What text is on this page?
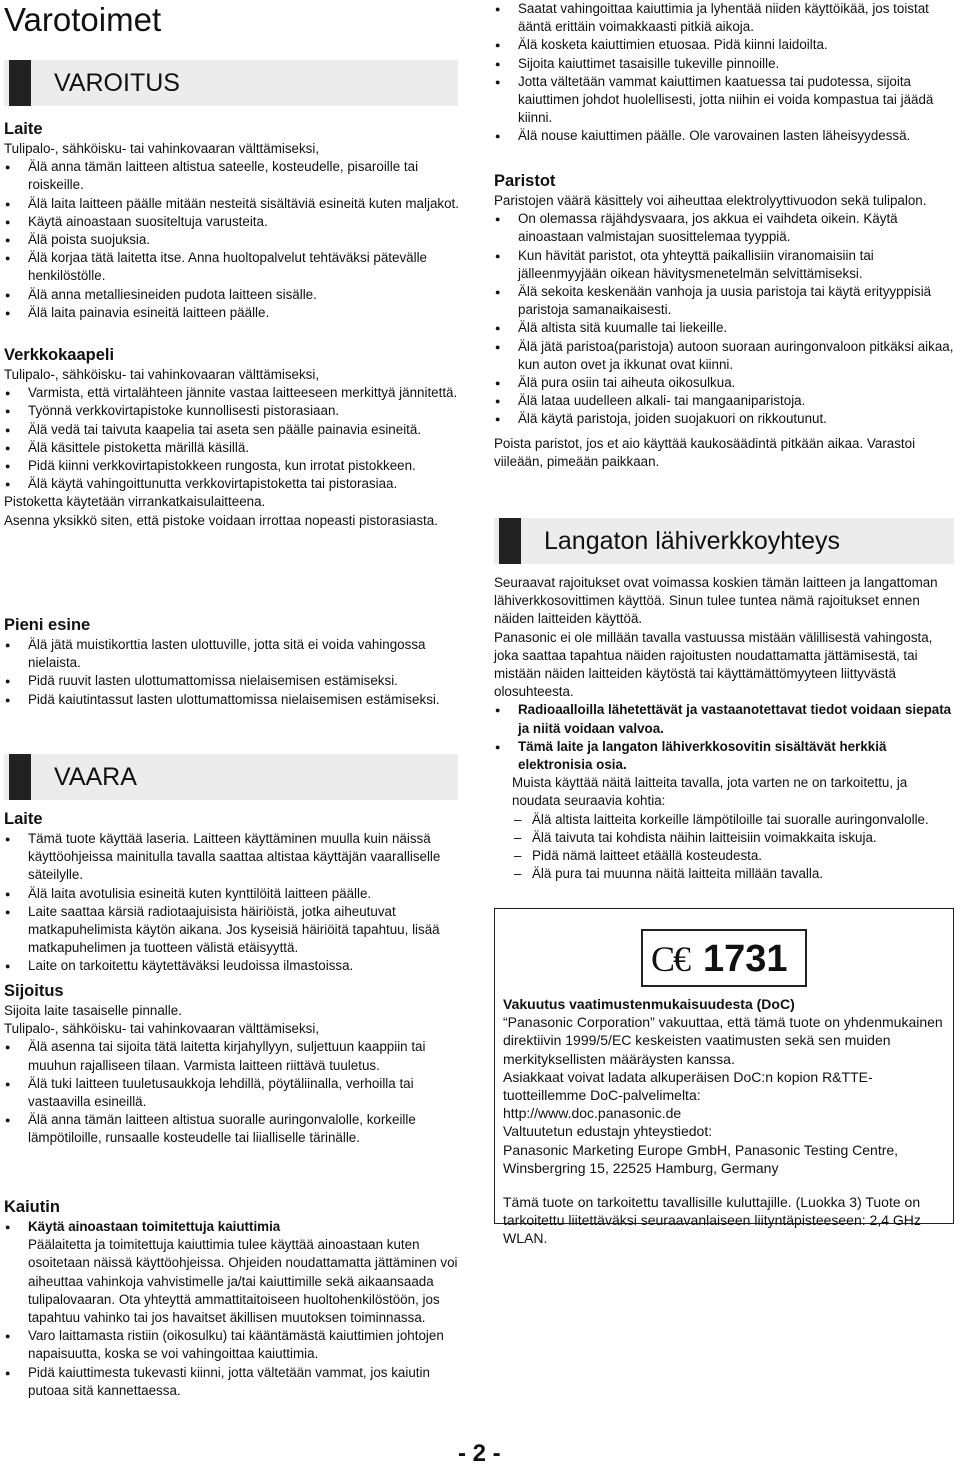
Varotoimet
VAROITUS

Laite

Tulipalo-, sähköisku- tai vahinkovaaran välttämiseksi,

● Älä anna tämän laitteen altistua sateelle, kosteudelle, pisaroille tai roiskeille.
● Älä laita laitteen päälle mitään nesteitä sisältäviä esineitä kuten maljakot.
● Käytä ainoastaan suositeltuja varusteita.
● Älä poista suojuksia.
● Älä korjaa tätä laitetta itse. Anna huoltopalvelut tehtäväksi pätevälle henkilöstölle.
● Älä anna metalliesineiden pudota laitteen sisälle.
● Älä laita painavia esineitä laitteen päälle.

Verkkokaapeli

Tulipalo-, sähköisku- tai vahinkovaaran välttämiseksi,

● Varmista, että virtalähteen jännite vastaa laitteeseen merkittyä jännitettä.
● Työnnä verkkovirtapistoke kunnollisesti pistorasiaan.
● Älä vedä tai taivuta kaapelia tai aseta sen päälle painavia esineitä.
● Älä käsittele pistoketta märillä käsillä.
● Pidä kiinni verkkovirtapistokkeen rungosta, kun irrotat pistokkeen.
● Älä käytä vahingoittunutta verkkovirtapistoketta tai pistorasiaa.

Pistoketta käytetään virrankatkaisulaitteena.

Asenna yksikkö siten, että pistoke voidaan irrottaa nopeasti pistorasiasta.

Pieni esine

● Älä jätä muistikorttia lasten ulottuville, jotta sitä ei voida vahingossa nielaista.
● Pidä ruuvit lasten ulottumattomissa nielaisemisen estämiseksi.
● Pidä kaiutintassut lasten ulottumattomissa nielaisemisen estämiseksi.
VAARA

Laite

● Tämä tuote käyttää laseria. Laitteen käyttäminen muulla kuin näissä käyttöohjeissa mainitulla tavalla saattaa altistaa käyttäjän vaaralliselle säteilylle.
● Älä laita avotulisia esineitä kuten kynttilöitä laitteen päälle.
● Laite saattaa kärsiä radiotaajuisista häiriöistä, jotka aiheutuvat matkapuhelimista käytön aikana. Jos kyseisiä häiriöitä tapahtuu, lisää matkapuhelimen ja tuotteen välistä etäisyyttä.
● Laite on tarkoitettu käytettäväksi leudoissa ilmastoissa.

Sijoitus

Sijoita laite tasaiselle pinnalle.

Tulipalo-, sähköisku- tai vahinkovaaran välttämiseksi,

● Älä asenna tai sijoita tätä laitetta kirjahyllyyn, suljettuun kaappiin tai muuhun rajalliseen tilaan. Varmista laitteen riittävä tuuletus.
● Älä tuki laitteen tuuletusaukkoja lehdillä, pöytäliinalla, verhoilla tai vastaavilla esineillä.
● Älä anna tämän laitteen altistua suoralle auringonvalolle, korkeille lämpötiloille, runsaalle kosteudelle tai liialliselle tärinälle.

Kaiutin

● Käytä ainoastaan toimitettuja kaiuttimia
Päälaitetta ja toimitettuja kaiuttimia tulee käyttää ainoastaan kuten osoitetaan näissä käyttöohjeissa. Ohjeiden noudattamatta jättäminen voi aiheuttaa vahinkoja vahvistimelle ja/tai kaiuttimille sekä aikaansaada tulipalovaaran. Ota yhteyttä ammattitaitoiseen huoltohenkilöstöön, jos tapahtuu vahinko tai jos havaitset äkillisen muutoksen toiminnassa.
● Varo laittamasta ristiin (oikosulku) tai kääntämästä kaiuttimien johtojen napaisuutta, koska se voi vahingoittaa kaiuttimia.
● Pidä kaiuttimesta tukevasti kiinni, jotta vältetään vammat, jos kaiutin putoaa sitä kannettaessa.
● Saatat vahingoittaa kaiuttimia ja lyhentää niiden käyttöikää, jos toistat ääntä erittäin voimakkaasti pitkiä aikoja.
● Älä kosketa kaiuttimien etuosaa. Pidä kiinni laidoilta.
● Sijoita kaiuttimet tasaisille tukeville pinnoille.
● Jotta vältetään vammat kaiuttimen kaatuessa tai pudotessa, sijoita kaiuttimen johdot huolellisesti, jotta niihin ei voida kompastua tai jäädä kiinni.
● Älä nouse kaiuttimen päälle. Ole varovainen lasten läheisyydessä.

Paristot

Paristojen väärä käsittely voi aiheuttaa elektrolyyttivuodon sekä tulipalon.

● On olemassa räjähdysvaara, jos akkua ei vaihdeta oikein. Käytä ainoastaan valmistajan suosittelemaa tyyppiä.
● Kun hävität paristot, ota yhteyttä paikallisiin viranomaisiin tai jälleenmyyjään oikean hävitysmenetelmän selvittämiseksi.
● Älä sekoita keskenään vanhoja ja uusia paristoja tai käytä erityyppisiä paristoja samanaikaisesti.
● Älä altista sitä kuumalle tai liekeille.
● Älä jätä paristoa(paristoja) autoon suoraan auringonvaloon pitkäksi aikaa, kun auton ovet ja ikkunat ovat kiinni.
● Älä pura osiin tai aiheuta oikosulkua.
● Älä lataa uudelleen alkali- tai mangaaniparistoja.
● Älä käytä paristoja, joiden suojakuori on rikkoutunut.

Poista paristot, jos et aio käyttää kaukosäädintä pitkään aikaa. Varastoi viileään, pimeään paikkaan.

Langaton lähiverkkoyhteys

Seuraavat rajoitukset ovat voimassa koskien tämän laitteen ja langattoman lähiverkkosovittimen käyttöä. Sinun tulee tuntea nämä rajoitukset ennen näiden laitteiden käyttöä.

Panasonic ei ole millään tavalla vastuussa mistään välillisestä vahingosta, joka saattaa tapahtua näiden rajoitusten noudattamatta jättämisestä, tai mistään näiden laitteiden käytöstä tai käyttämättömyyteen liittyvästä olosuhteesta.

● Radioaalloilla lähetettävät ja vastaanotettavat tiedot voidaan siepata ja niitä voidaan valvoa.
● Tämä laite ja langaton lähiverkkosovitin sisältävät herkkiä elektronisia osia.

Muista käyttää näitä laitteita tavalla, jota varten ne on tarkoitettu, ja noudata seuraavia kohtia:

– Älä altista laitteita korkeille lämpötiloille tai suoralle auringonvalolle.
– Älä taivuta tai kohdista näihin laitteisiin voimakkaita iskuja.
– Pidä nämä laitteet etäällä kosteudesta.
– Älä pura tai muunna näitä laitteita millään tavalla.
C€ 1731

Vakuutus vaatimustenmukaisuudesta (DoC)

“Panasonic Corporation” vakuuttaa, että tämä tuote on yhdenmukainen direktiivin 1999/5/EC keskeisten vaatimusten sekä sen muiden merkityksellisten määräysten kanssa.

Asiakkaat voivat ladata alkuperäisen DoC:n kopion R&TTE-tuotteillemme DoC-palvelimelta:

http://www.doc.panasonic.de

Valtuutetun edustajn yhteystiedot:

Panasonic Marketing Europe GmbH, Panasonic Testing Centre, Winsbergring 15, 22525 Hamburg, Germany

Tämä tuote on tarkoitettu tavallisille kuluttajille. (Luokka 3) Tuote on tarkoitettu liitettäväksi seuraavanlaiseen liityntäpisteeseen: 2,4 GHz WLAN.

- 2 -
